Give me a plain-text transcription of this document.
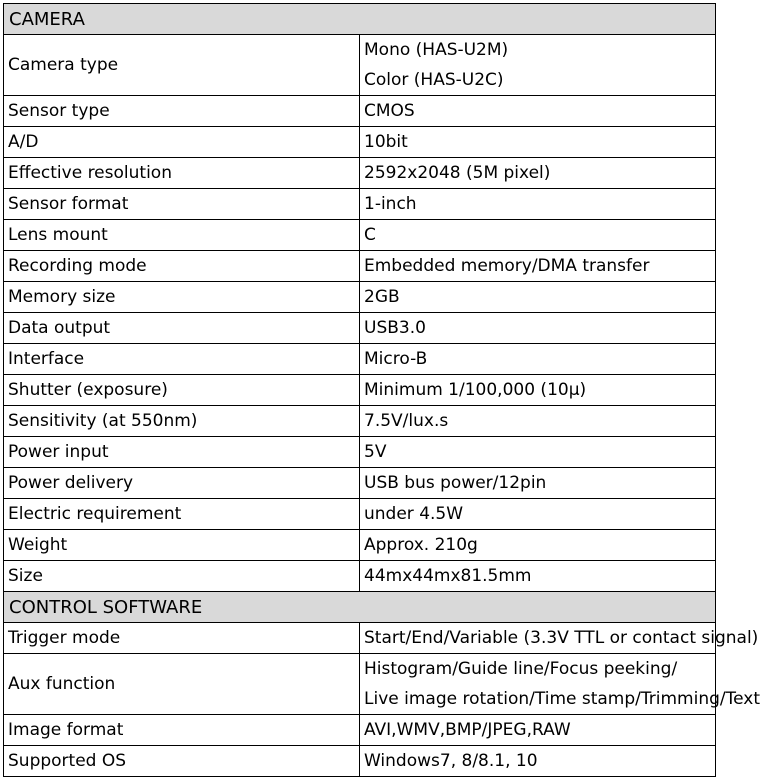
CAMERA	
Camera type	Mono (HAS-U2M)
Color (HAS-U2C)

Sensor type	CMOS
A/D	10bit
Effective resolution	2592x2048 (5M pixel)
Sensor format	1-inch
Lens mount	C
Recording mode	Embedded memory/DMA transfer
Memory size	2GB
Data output	USB3.0
Interface	Micro-B
Shutter (exposure)	Minimum 1/100,000 (10μ)
Sensitivity (at 550nm)	7.5V/lux.s
Power input	5V
Power delivery	USB bus power/12pin
Electric requirement	under 4.5W
Weight	Approx. 210g
Size	44mx44mx81.5mm
CONTROL SOFTWARE	
Trigger mode	Start/End/Variable (3.3V TTL or contact signal)
Aux function	Histogram/Guide line/Focus peeking/
Live image rotation/Time stamp/Trimming/Text

Image format	AVI,WMV,BMP/JPEG,RAW
Supported OS	Windows7, 8/8.1, 10
